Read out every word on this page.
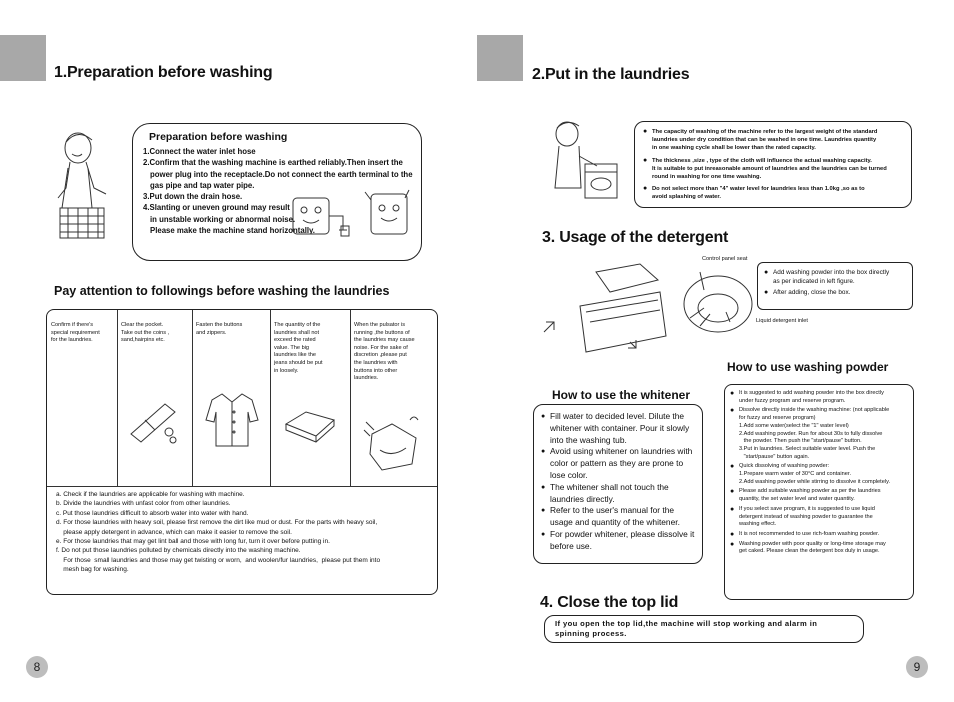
1.Preparation before washing
Preparation before washing
1.Connect the water inlet hose
2.Confirm that the washing machine is earthed reliably.Then insert the
power plug into the receptacle.Do not connect the earth terminal to the
gas pipe and tap water pipe.
3.Put down the drain hose.
4.Slanting or uneven ground may result
in unstable working or abnormal noise.
Please make the machine stand horizontally.
Pay attention to followings before washing the laundries
Confirm if there's
special requirement
for the laundries.
Clear the pocket.
Take out the coins ,
sand,hairpins etc.
Fasten the buttons
and zippers.
The quantity of the
laundries shall not
exceed the rated
value. The big
laundries like the
jeans should be put
in loosely.
When the pulsator is
running ,the buttons of
the laundries may cause
noise. For the sake of
discretion ,please put
the laundries with
buttons into other
laundries.
a. Check if the laundries are applicable for washing with machine.
b. Divide the laundries with unfast color from other laundries.
c. Put those laundries difficult to absorb water into water with hand.
d. For those laundries with heavy soil, please first remove the dirt like mud or dust. For the parts with heavy soil,
please apply detergent in advance, which can make it easier to remove the soil.
e. For those laundries that may get lint ball and those with long fur, turn it over before putting in.
f. Do not put those laundries polluted by chemicals directly into the washing machine.
For those  small laundries and those may get twisting or worn,  and woolen/fur laundries,  please put them into
mesh bag for washing.
8
2.Put in the laundries
● The capacity of washing of the machine refer to the largest weight of the standard
laundries under dry condition that can be washed in one time. Laundries quantity
in one washing cycle shall be lower than the rated capacity.
● The thickness ,size , type of the cloth will influence the actual washing capacity.
It is suitable to put inreasonable amount of laundries and the laundries can be turned
round in washing for one time washing.
● Do not select more than "4" water level for laundries less than 1.0kg ,so as to
avoid splashing of water.
3. Usage of the detergent
Control panel seat
Liquid detergent inlet
● Add washing powder into the box directly
as per indicated in left figure.
● After adding, close the box.
How to use the whitener
● Fill water to decided level. Dilute the whitener with container. Pour it slowly into the washing tub.
● Avoid using whitener on laundries with color or pattern as they are prone to lose color.
● The whitener shall not touch the laundries directly.
● Refer to the user's manual for the usage and quantity of the whitener.
● For powder whitener, please dissolve it before use.
How to use washing powder
● It is suggested to add washing powder into the box directly
under fuzzy program and reserve program.
● Dissolve directly inside the washing machine: (not applicable
for fuzzy and reserve program)
1.Add some water(select the "1" water level)
2.Add washing powder. Run for about 30s to fully dissolve
the powder. Then push the "start/pause" button.
3.Put in laundries. Select suitable water level. Push the
"start/pause" button again.
● Quick dissolving of washing powder:
1.Prepare warm water of 30°C and container.
2.Add washing powder while stirring to dissolve it completely.
● Please add suitable washing powder as per the laundries
quantity, the set water level and water quantity.
● If you select save program, it is suggested to use liquid
detergent instead of washing powder to guarantee the
washing effect.
● It is not recommended to use rich-foam washing powder.
● Washing powder with poor quality or long-time storage may
get caked. Please clean the detergent box duly in usage.
4. Close the top lid
If you open the top lid,the machine will stop working and alarm in
spinning process.
9
